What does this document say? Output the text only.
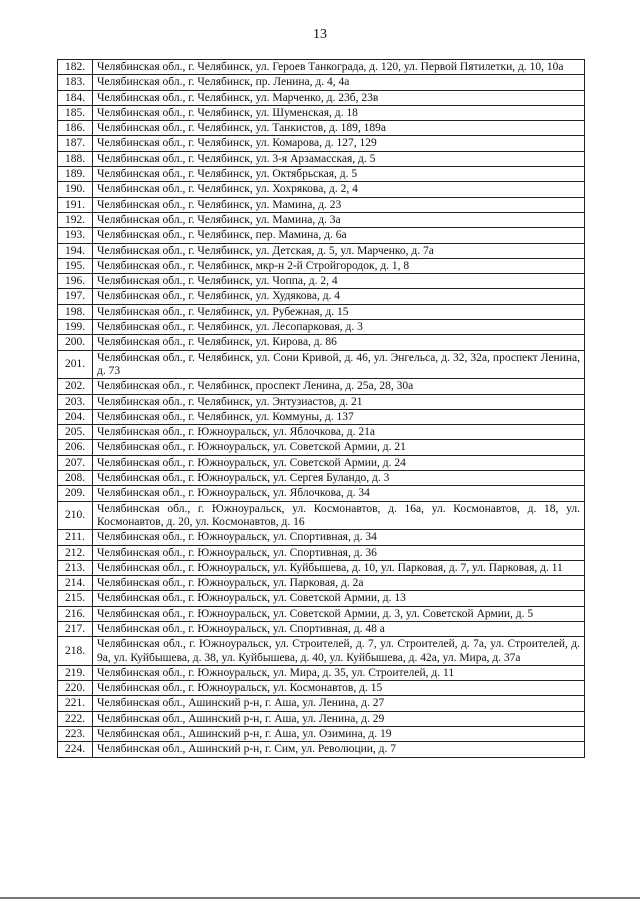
13
182.	Челябинская обл., г. Челябинск, ул. Героев Танкограда, д. 120, ул. Первой Пятилетки, д. 10, 10а
183.	Челябинская обл., г. Челябинск, пр. Ленина, д. 4, 4а
184.	Челябинская обл., г. Челябинск, ул. Марченко, д. 23б, 23в
185.	Челябинская обл., г. Челябинск, ул. Шуменская, д. 18
186.	Челябинская обл., г. Челябинск, ул. Танкистов, д. 189, 189а
187.	Челябинская обл., г. Челябинск, ул. Комарова, д. 127, 129
188.	Челябинская обл., г. Челябинск, ул. 3-я Арзамасская, д. 5
189.	Челябинская обл., г. Челябинск, ул. Октябрьская, д. 5
190.	Челябинская обл., г. Челябинск, ул. Хохрякова, д. 2, 4
191.	Челябинская обл., г. Челябинск, ул. Мамина, д. 23
192.	Челябинская обл., г. Челябинск, ул. Мамина, д. 3а
193.	Челябинская обл., г. Челябинск, пер. Мамина, д. 6а
194.	Челябинская обл., г. Челябинск, ул. Детская, д. 5, ул. Марченко, д. 7а
195.	Челябинская обл., г. Челябинск, мкр-н 2-й Стройгородок, д. 1, 8
196.	Челябинская обл., г. Челябинск, ул. Чоппа, д. 2, 4
197.	Челябинская обл., г. Челябинск, ул. Худякова, д. 4
198.	Челябинская обл., г. Челябинск, ул. Рубежная, д. 15
199.	Челябинская обл., г. Челябинск, ул. Лесопарковая, д. 3
200.	Челябинская обл., г. Челябинск, ул. Кирова, д. 86
201.	Челябинская обл., г. Челябинск, ул. Сони Кривой, д. 46, ул. Энгельса, д. 32, 32а, проспект Ленина, д. 73
202.	Челябинская обл., г. Челябинск, проспект Ленина, д. 25а, 28, 30а
203.	Челябинская обл., г. Челябинск, ул. Энтузиастов, д. 21
204.	Челябинская обл., г. Челябинск, ул. Коммуны, д. 137
205.	Челябинская обл., г. Южноуральск, ул. Яблочкова, д. 21а
206.	Челябинская обл., г. Южноуральск, ул. Советской Армии, д. 21
207.	Челябинская обл., г. Южноуральск, ул. Советской Армии, д. 24
208.	Челябинская обл., г. Южноуральск, ул. Сергея Буландо, д. 3
209.	Челябинская обл., г. Южноуральск, ул. Яблочкова, д. 34
210.	Челябинская обл., г. Южноуральск, ул. Космонавтов, д. 16а, ул. Космонавтов, д. 18, ул. Космонавтов, д. 20, ул. Космонавтов, д. 16
211.	Челябинская обл., г. Южноуральск, ул. Спортивная, д. 34
212.	Челябинская обл., г. Южноуральск, ул. Спортивная, д. 36
213.	Челябинская обл., г. Южноуральск, ул. Куйбышева, д. 10, ул. Парковая, д. 7, ул. Парковая, д. 11
214.	Челябинская обл., г. Южноуральск, ул. Парковая, д. 2а
215.	Челябинская обл., г. Южноуральск, ул. Советской Армии, д. 13
216.	Челябинская обл., г. Южноуральск, ул. Советской Армии, д. 3, ул. Советской Армии, д. 5
217.	Челябинская обл., г. Южноуральск, ул. Спортивная, д. 48 а
218.	Челябинская обл., г. Южноуральск, ул. Строителей, д. 7, ул. Строителей, д. 7а, ул. Строителей, д. 9а, ул. Куйбышева, д. 38, ул. Куйбышева, д. 40, ул. Куйбышева, д. 42а, ул. Мира, д. 37а
219.	Челябинская обл., г. Южноуральск, ул. Мира, д. 35, ул. Строителей, д. 11
220.	Челябинская обл., г. Южноуральск, ул. Космонавтов, д. 15
221.	Челябинская обл., Ашинский р-н, г. Аша, ул. Ленина, д. 27
222.	Челябинская обл., Ашинский р-н, г. Аша, ул. Ленина, д. 29
223.	Челябинская обл., Ашинский р-н, г. Аша, ул. Озимина, д. 19
224.	Челябинская обл., Ашинский р-н, г. Сим, ул. Революции, д. 7
